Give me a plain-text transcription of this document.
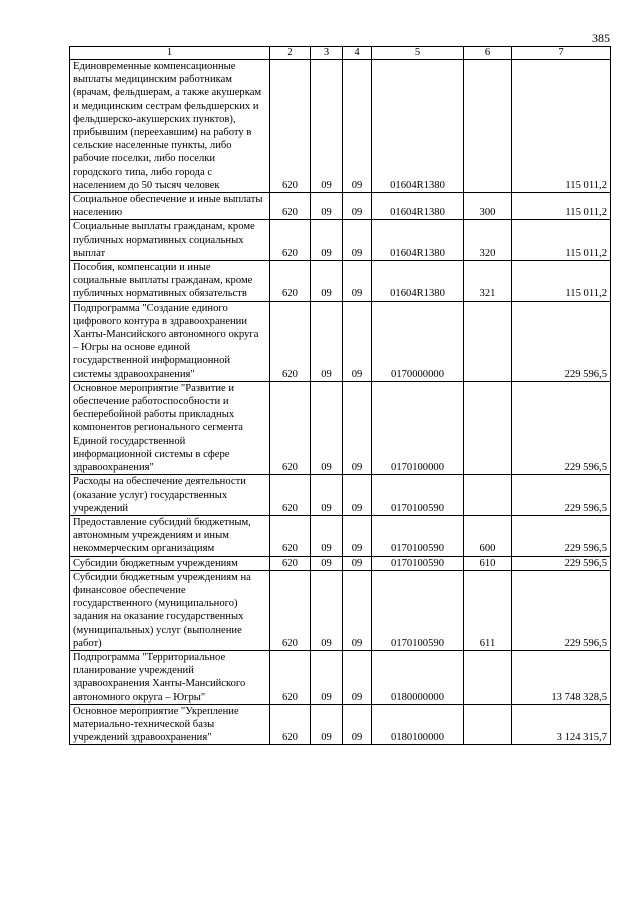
385
1	2	3	4	5	6	7
Единовременные компенсационные выплаты медицинским работникам (врачам, фельдшерам, а также акушеркам и медицинским сестрам фельдшерских и фельдшерско-акушерских пунктов), прибывшим (переехавшим) на работу в сельские населенные пункты, либо рабочие поселки, либо поселки городского типа, либо города с населением до 50 тысяч человек	620	09	09	01604R1380		115 011,2
Социальное обеспечение и иные выплаты населению	620	09	09	01604R1380	300	115 011,2
Социальные выплаты гражданам, кроме публичных нормативных социальных выплат	620	09	09	01604R1380	320	115 011,2
Пособия, компенсации и иные социальные выплаты гражданам, кроме публичных нормативных обязательств	620	09	09	01604R1380	321	115 011,2
Подпрограмма "Создание единого цифрового контура в здравоохранении Ханты-Мансийского автономного округа – Югры на основе единой государственной информационной системы здравоохранения"	620	09	09	0170000000		229 596,5
Основное мероприятие "Развитие и обеспечение работоспособности и бесперебойной работы прикладных компонентов регионального сегмента Единой государственной информационной системы в сфере здравоохранения"	620	09	09	0170100000		229 596,5
Расходы на обеспечение деятельности (оказание услуг) государственных учреждений	620	09	09	0170100590		229 596,5
Предоставление субсидий бюджетным, автономным учреждениям и иным некоммерческим организациям	620	09	09	0170100590	600	229 596,5
Субсидии бюджетным учреждениям	620	09	09	0170100590	610	229 596,5
Субсидии бюджетным учреждениям на финансовое обеспечение государственного (муниципального) задания на оказание государственных (муниципальных) услуг (выполнение работ)	620	09	09	0170100590	611	229 596,5
Подпрограмма "Территориальное планирование учреждений здравоохранения Ханты-Мансийского автономного округа – Югры"	620	09	09	0180000000		13 748 328,5
Основное мероприятие "Укрепление материально-технической базы учреждений здравоохранения"	620	09	09	0180100000		3 124 315,7
